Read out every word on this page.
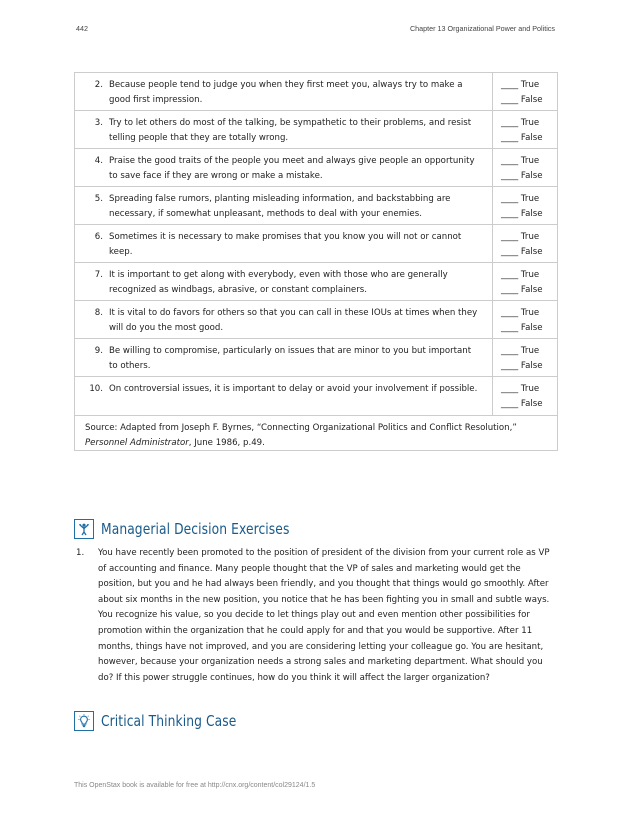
442	Chapter 13 Organizational Power and Politics
2. Because people tend to judge you when they first meet you, always try to make a good first impression.
____ True
____ False
3. Try to let others do most of the talking, be sympathetic to their problems, and resist telling people that they are totally wrong.
____ True
____ False
4. Praise the good traits of the people you meet and always give people an opportunity to save face if they are wrong or make a mistake.
____ True
____ False
5. Spreading false rumors, planting misleading information, and backstabbing are necessary, if somewhat unpleasant, methods to deal with your enemies.
____ True
____ False
6. Sometimes it is necessary to make promises that you know you will not or cannot keep.
____ True
____ False
7. It is important to get along with everybody, even with those who are generally recognized as windbags, abrasive, or constant complainers.
____ True
____ False
8. It is vital to do favors for others so that you can call in these IOUs at times when they will do you the most good.
____ True
____ False
9. Be willing to compromise, particularly on issues that are minor to you but important to others.
____ True
____ False
10. On controversial issues, it is important to delay or avoid your involvement if possible.	____ True
____ False
Source: Adapted from Joseph F. Byrnes, “Connecting Organizational Politics and Conflict Resolution,” Personnel Administrator, June 1986, p.49.
Managerial Decision Exercises
1.	You have recently been promoted to the position of president of the division from your current role as VP of accounting and finance. Many people thought that the VP of sales and marketing would get the position, but you and he had always been friendly, and you thought that things would go smoothly. After about six months in the new position, you notice that he has been fighting you in small and subtle ways. You recognize his value, so you decide to let things play out and even mention other possibilities for promotion within the organization that he could apply for and that you would be supportive. After 11 months, things have not improved, and you are considering letting your colleague go. You are hesitant, however, because your organization needs a strong sales and marketing department. What should you do? If this power struggle continues, how do you think it will affect the larger organization?
Critical Thinking Case
This OpenStax book is available for free at http://cnx.org/content/col29124/1.5
